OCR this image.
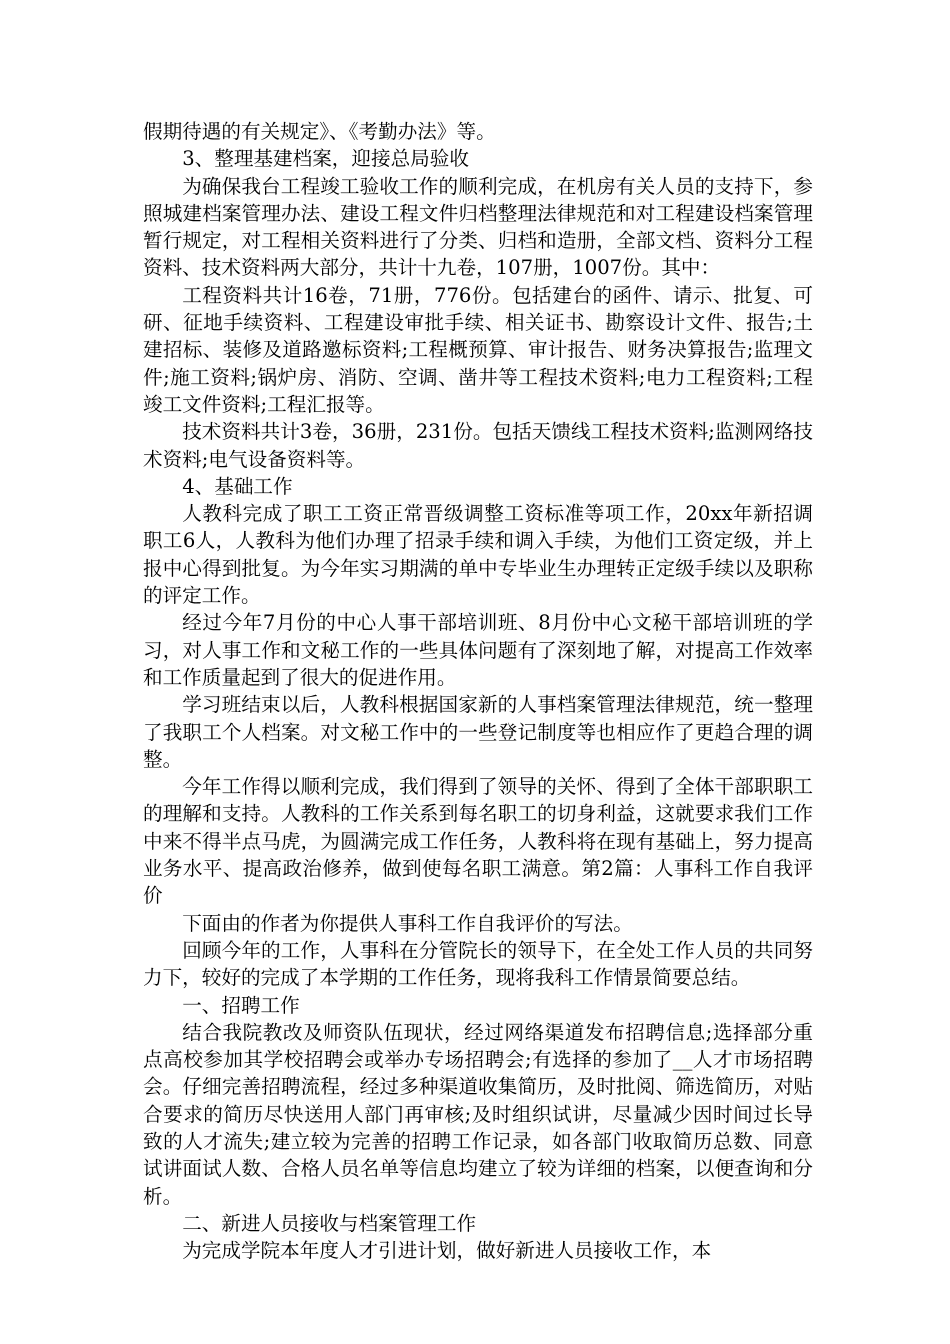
假期待遇的有关规定》、《考勤办法》等。

3、整理基建档案，迎接总局验收

为确保我台工程竣工验收工作的顺利完成，在机房有关人员的支持下，参照城建档案管理办法、建设工程文件归档整理法律规范和对工程建设档案管理暂行规定，对工程相关资料进行了分类、归档和造册，全部文档、资料分工程资料、技术资料两大部分，共计十九卷，107册，1007份。其中：

工程资料共计16卷，71册，776份。包括建台的函件、请示、批复、可研、征地手续资料、工程建设审批手续、相关证书、勘察设计文件、报告;土建招标、装修及道路邀标资料;工程概预算、审计报告、财务决算报告;监理文件;施工资料;锅炉房、消防、空调、凿井等工程技术资料;电力工程资料;工程竣工文件资料;工程汇报等。

技术资料共计3卷，36册，231份。包括天馈线工程技术资料;监测网络技术资料;电气设备资料等。

4、基础工作

人教科完成了职工工资正常晋级调整工资标准等项工作，20xx年新招调职工6人，人教科为他们办理了招录手续和调入手续，为他们工资定级，并上报中心得到批复。为今年实习期满的单中专毕业生办理转正定级手续以及职称的评定工作。

经过今年7月份的中心人事干部培训班、8月份中心文秘干部培训班的学习，对人事工作和文秘工作的一些具体问题有了深刻地了解，对提高工作效率和工作质量起到了很大的促进作用。

学习班结束以后，人教科根据国家新的人事档案管理法律规范，统一整理了我职工个人档案。对文秘工作中的一些登记制度等也相应作了更趋合理的调整。

今年工作得以顺利完成，我们得到了领导的关怀、得到了全体干部职职工的理解和支持。人教科的工作关系到每名职工的切身利益，这就要求我们工作中来不得半点马虎，为圆满完成工作任务，人教科将在现有基础上，努力提高业务水平、提高政治修养，做到使每名职工满意。第2篇：人事科工作自我评价

下面由的作者为你提供人事科工作自我评价的写法。

回顾今年的工作，人事科在分管院长的领导下，在全处工作人员的共同努力下，较好的完成了本学期的工作任务，现将我科工作情景简要总结。

一、招聘工作

结合我院教改及师资队伍现状，经过网络渠道发布招聘信息;选择部分重点高校参加其学校招聘会或举办专场招聘会;有选择的参加了__人才市场招聘会。仔细完善招聘流程，经过多种渠道收集简历，及时批阅、筛选简历，对贴合要求的简历尽快送用人部门再审核;及时组织试讲，尽量减少因时间过长导致的人才流失;建立较为完善的招聘工作记录，如各部门收取简历总数、同意试讲面试人数、合格人员名单等信息均建立了较为详细的档案，以便查询和分析。

二、新进人员接收与档案管理工作

为完成学院本年度人才引进计划，做好新进人员接收工作，本
